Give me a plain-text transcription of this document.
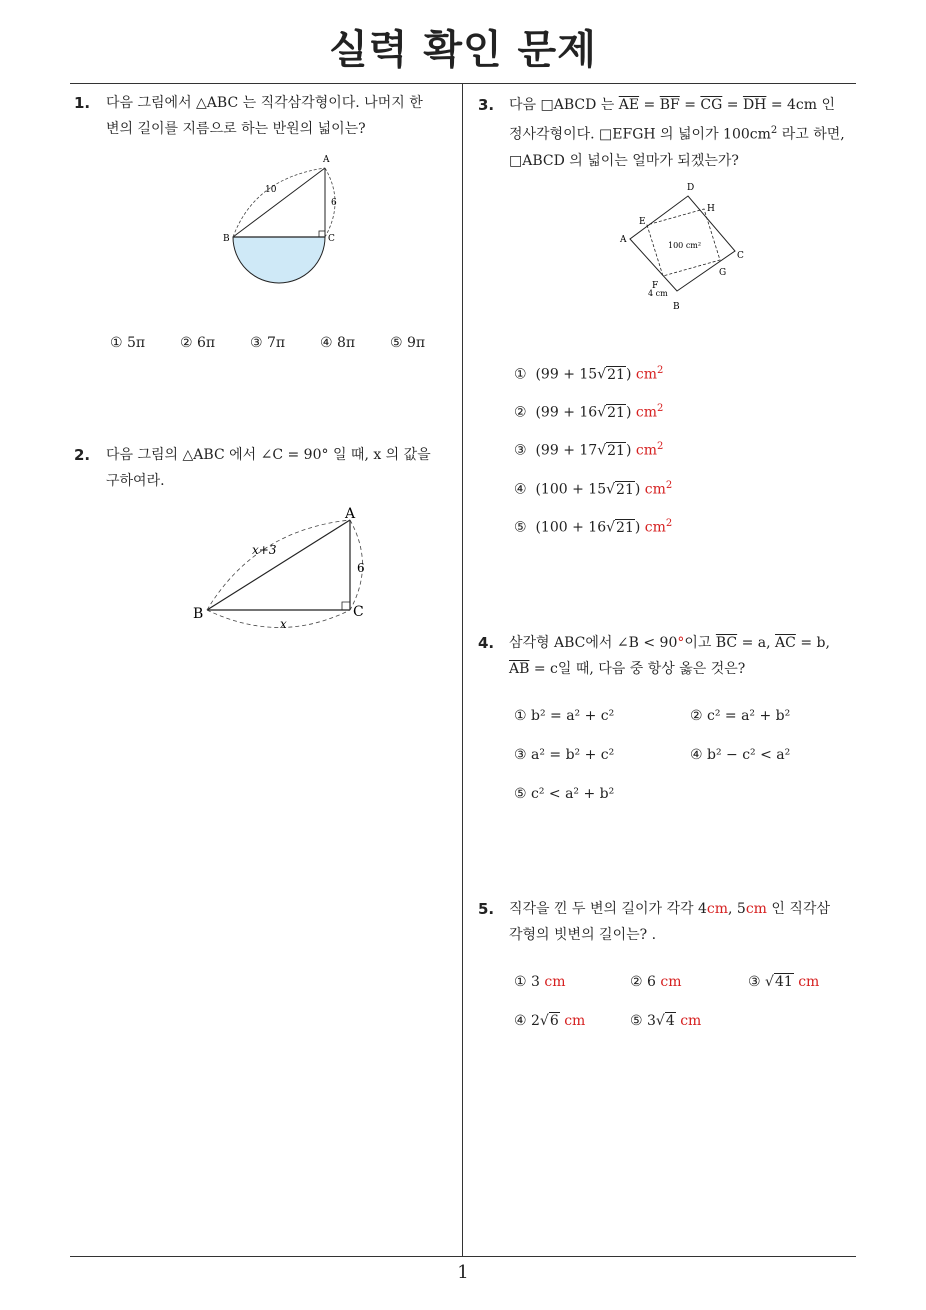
실력 확인 문제
1
1. 다음 그림에서 △ABC 는 직각삼각형이다. 나머지 한
변의 길이를 지름으로 하는 반원의 넓이는?
A
B	C
10
6
① 5π ② 6π ③ 7π ④ 8π ⑤ 9π
2. 다음 그림의 △ABC 에서 ∠C = 90° 일 때, x 의 값을
구하여라.
A
B	C
x+3
6
x
3. 다음 □ABCD 는 $\overline{AE} = \overline{BF} = \overline{CG} = \overline{DH} = 4cm$ 인
정사각형이다. □EFGH 의 넓이가 $100cm^2$ 라고 하면,
□ABCD 의 넓이는 얼마가 되겠는가?
D
H
E
A
C
G
F
4 cm
B
100 cm²
① (99 + 15√21) $cm^2$
② (99 + 16√21) $cm^2$
③ (99 + 17√21) $cm^2$
④ (100 + 15√21) $cm^2$
⑤ (100 + 16√21) $cm^2$
4. 삼각형 ABC에서 ∠B < 90°이고 $\overline{BC} = a$, $\overline{AC} = b$,
$\overline{AB} = c$일 때, 다음 중 항상 옳은 것은?
① b² = a² + c²	② c² = a² + b²
③ a² = b² + c²	④ b² − c² < a²
⑤ c² < a² + b²
5. 직각을 낀 두 변의 길이가 각각 4cm, 5cm 인 직각삼
각형의 빗변의 길이는? .
① 3 cm	② 6 cm	③ √41 cm
④ 2√6 cm	⑤ 3√4 cm
